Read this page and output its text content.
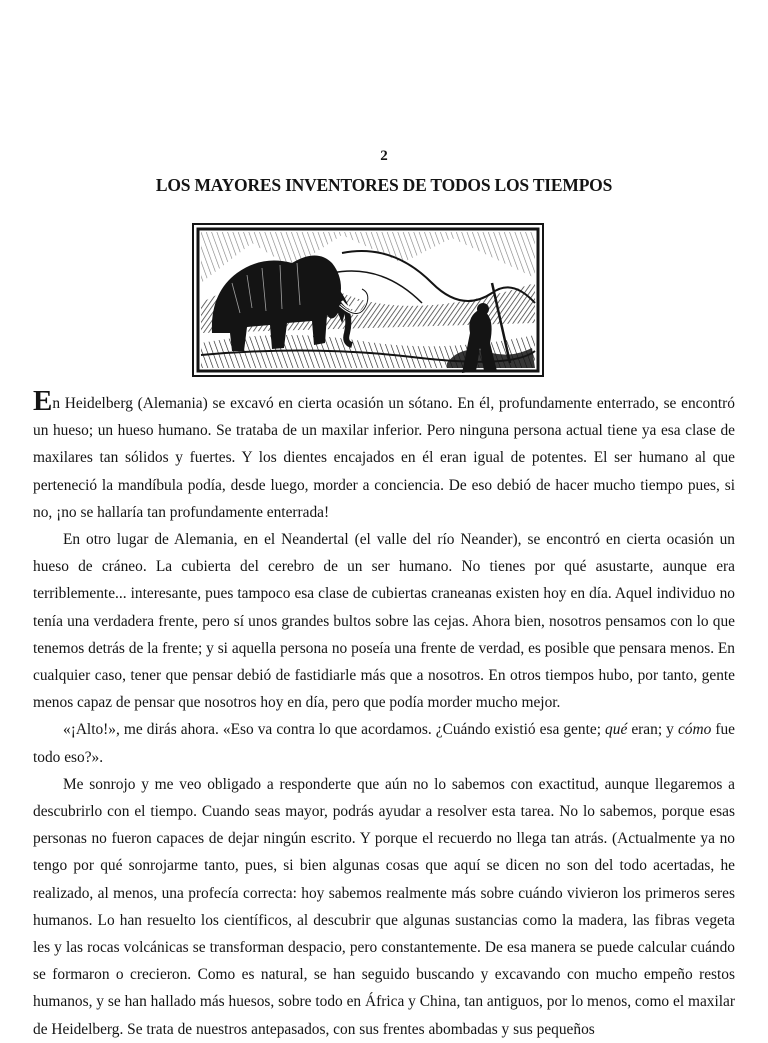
2
LOS MAYORES INVENTORES DE TODOS LOS TIEMPOS

En Heidelberg (Alemania) se excavó en cierta ocasión un sótano. En él, profundamente enterrado, se encontró un hueso; un hueso humano. Se trataba de un maxilar inferior. Pero ninguna persona actual tiene ya esa clase de maxilares tan sólidos y fuertes. Y los dientes encajados en él eran igual de potentes. El ser humano al que perteneció la mandíbula podía, desde luego, morder a conciencia. De eso debió de hacer mucho tiempo pues, si no, ¡no se hallaría tan profundamente enterrada!

En otro lugar de Alemania, en el Neandertal (el valle del río Neander), se encontró en cierta ocasión un hueso de cráneo. La cubierta del cerebro de un ser humano. No tienes por qué asustarte, aunque era terriblemente... interesante, pues tampoco esa clase de cubiertas craneanas existen hoy en día. Aquel individuo no tenía una verdadera frente, pero sí unos grandes bultos sobre las cejas. Ahora bien, nosotros pensamos con lo que tenemos detrás de la frente; y si aquella persona no poseía una frente de verdad, es posible que pensara menos. En cualquier caso, tener que pensar debió de fastidiarle más que a nosotros. En otros tiempos hubo, por tanto, gente menos capaz de pensar que nosotros hoy en día, pero que podía morder mucho mejor.

«¡Alto!», me dirás ahora. «Eso va contra lo que acordamos. ¿Cuándo existió esa gente; qué eran; y cómo fue todo eso?».

Me sonrojo y me veo obligado a responderte que aún no lo sabemos con exactitud, aunque llegaremos a descubrirlo con el tiempo. Cuando seas mayor, podrás ayudar a resolver esta tarea. No lo sabemos, porque esas personas no fueron capaces de dejar ningún escrito. Y porque el recuerdo no llega tan atrás. (Actualmente ya no tengo por qué sonrojarme tanto, pues, si bien algunas cosas que aquí se dicen no son del todo acertadas, he realizado, al menos, una profecía correcta: hoy sabemos realmente más sobre cuándo vivieron los primeros seres humanos. Lo han resuelto los científicos, al descubrir que algunas sustancias como la madera, las fibras vegeta les y las rocas volcánicas se transforman despacio, pero constantemente. De esa manera se puede calcular cuándo se formaron o crecieron. Como es natural, se han seguido buscando y excavando con mucho empeño restos humanos, y se han hallado más huesos, sobre todo en África y China, tan antiguos, por lo menos, como el maxilar de Heidelberg. Se trata de nuestros antepasados, con sus frentes abombadas y sus pequeños
